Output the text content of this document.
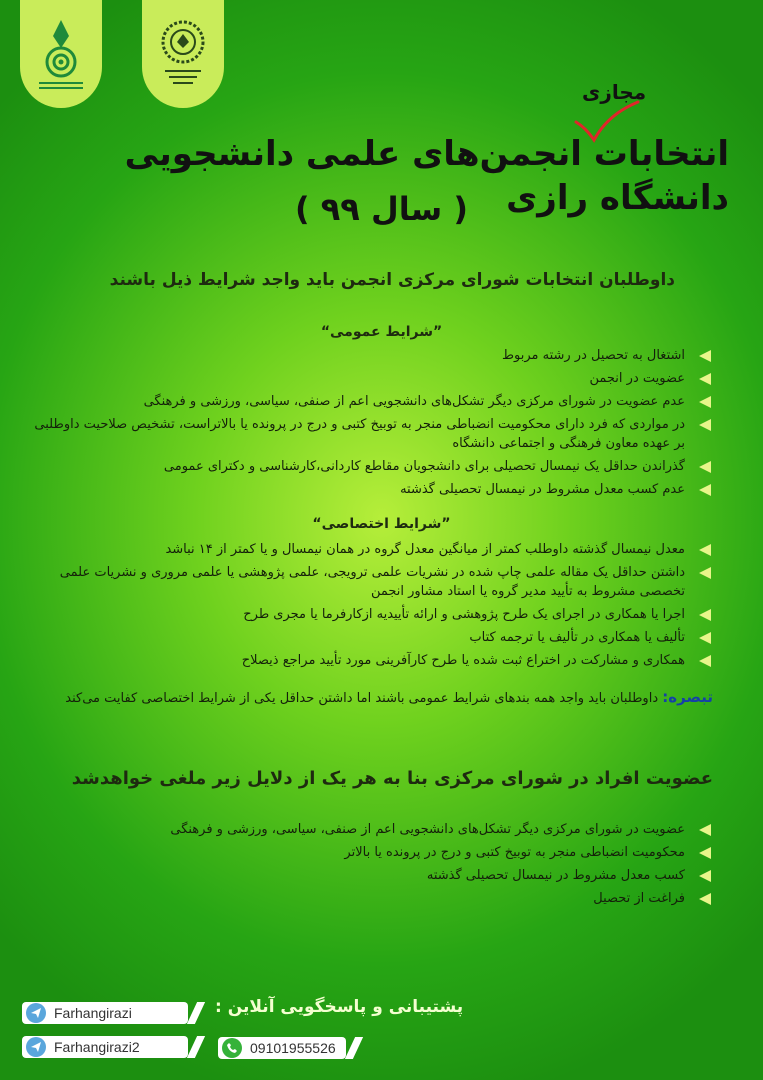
مجازی
انتخابات انجمن‌های علمی دانشجویی دانشگاه رازی
( سال ۹۹ )
داوطلبان انتخابات شورای مرکزی انجمن باید واجد شرایط ذیل باشند
”شرایط عمومی“
اشتغال به تحصیل در رشته مربوط
عضویت در انجمن
عدم عضویت در شورای مرکزی دیگر تشکل‌های دانشجویی اعم از صنفی، سیاسی، ورزشی و فرهنگی
در مواردی که فرد دارای محکومیت انضباطی منجر به توبیخ کتبی و درج در پرونده یا بالاتراست، تشخیص صلاحیت داوطلبی بر عهده معاون فرهنگی و اجتماعی دانشگاه
گذراندن حداقل یک نیمسال تحصیلی برای دانشجویان مقاطع کاردانی،کارشناسی و دکترای عمومی
عدم کسب معدل مشروط در نیمسال تحصیلی گذشته
”شرایط اختصاصی“
معدل نیمسال گذشته داوطلب کمتر از میانگین معدل گروه در همان نیمسال و یا کمتر از ۱۴ نباشد
داشتن حداقل یک مقاله علمی چاپ شده در نشریات علمی ترویجی، علمی پژوهشی یا علمی مروری و نشریات علمی تخصصی مشروط به تأیید مدیر گروه یا استاد مشاور انجمن
اجرا یا همکاری در اجرای یک طرح پژوهشی و ارائه تأییدیه ازکارفرما یا مجری طرح
تألیف یا همکاری در تألیف یا ترجمه کتاب
همکاری و مشارکت در اختراع ثبت شده یا طرح کارآفرینی مورد تأیید مراجع ذیصلاح
تبصره: داوطلبان باید واجد همه بندهای شرایط عمومی باشند اما داشتن حداقل یکی از شرایط اختصاصی کفایت می‌کند
عضویت افراد در شورای مرکزی بنا به هر یک از دلایل زیر ملغی خواهدشد
عضویت در شورای مرکزی دیگر تشکل‌های دانشجویی اعم از صنفی، سیاسی، ورزشی و فرهنگی
محکومیت انضباطی منجر به توبیخ کتبی و درج در پرونده یا بالاتر
کسب معدل مشروط در نیمسال تحصیلی گذشته
فراغت از تحصیل
پشتیبانی و پاسخگویی آنلاین :
Farhangirazi
Farhangirazi2	09101955526
